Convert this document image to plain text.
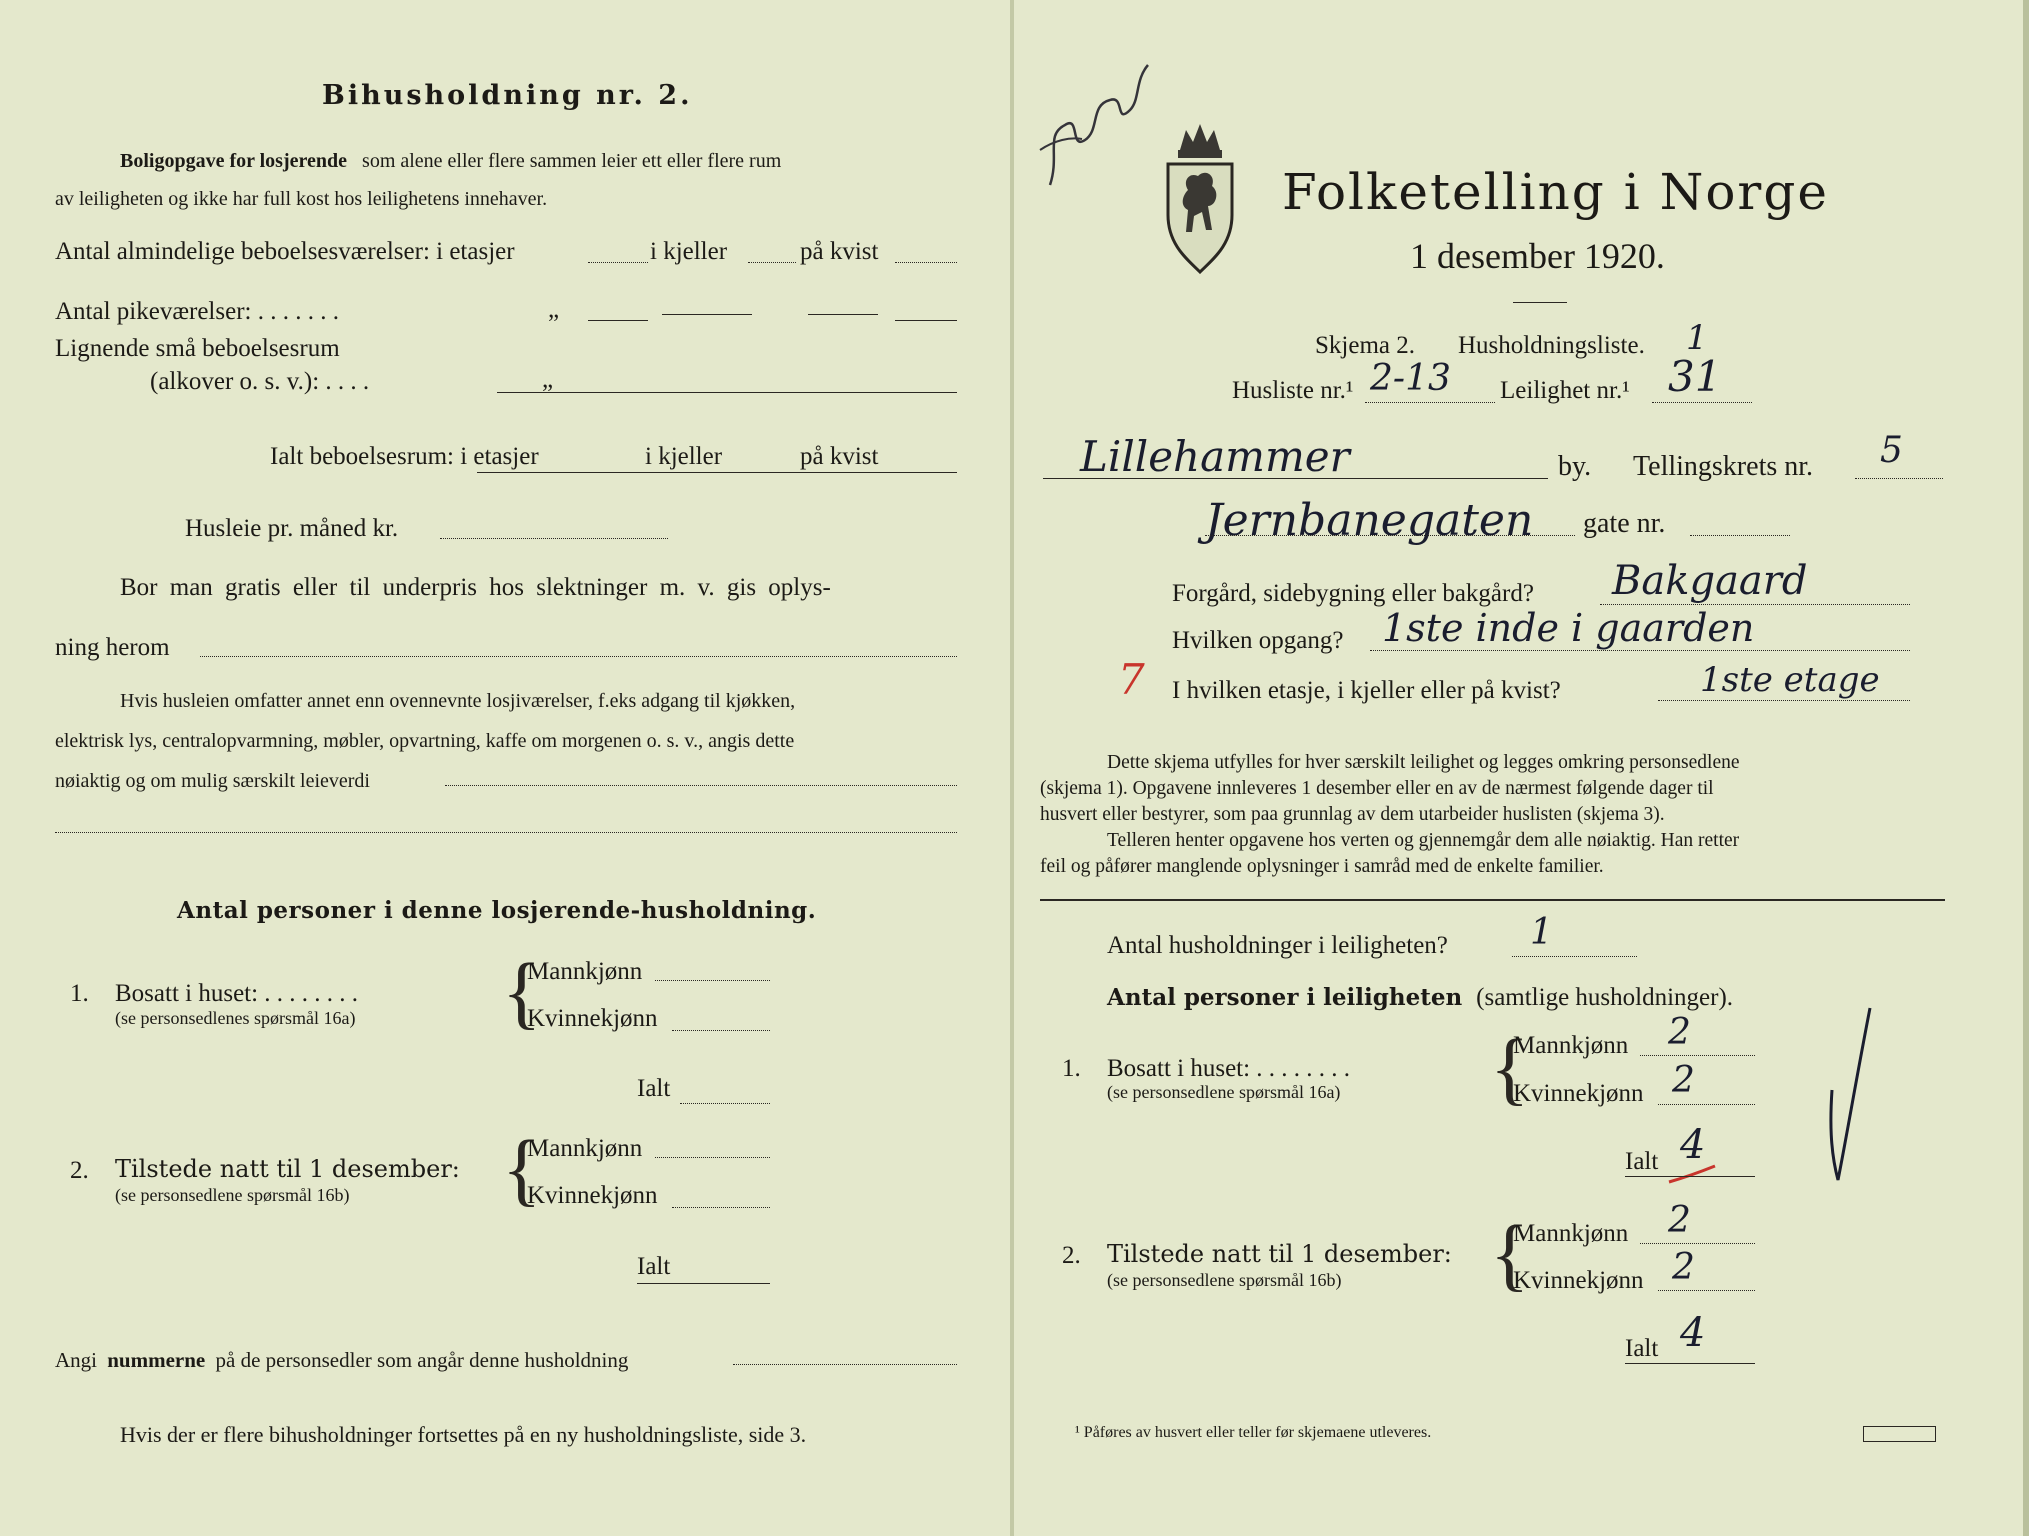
Bihusholdning nr. 2.
Boligopgave for losjerende som alene eller flere sammen leier ett eller flere rum
av leiligheten og ikke har full kost hos leilighetens innehaver.
Antal almindelige beboelsesværelser: i etasjer	i kjeller	på kvist
Antal pikeværelser: . . . . . . .	„
Lignende små beboelsesrum
(alkover o. s. v.): . . . .	„
Ialt beboelsesrum: i etasjer	i kjeller	på kvist
Husleie pr. måned kr.
Bor man gratis eller til underpris hos slektninger m. v. gis oplys-
ning herom
Hvis husleien omfatter annet enn ovennevnte losjiværelser, f.eks adgang til kjøkken,
elektrisk lys, centralopvarmning, møbler, opvartning, kaffe om morgenen o. s. v., angis dette
nøiaktig og om mulig særskilt leieverdi
Antal personer i denne losjerende-husholdning.
1. Bosatt i huset: . . . . . . . .
(se personsedlenes spørsmål 16a) {
Mannkjønn
Kvinnekjønn
Ialt
2. Tilstede natt til 1 desember:
(se personsedlene spørsmål 16b) {
Mannkjønn
Kvinnekjønn
Ialt
Angi nummerne på de personsedler som angår denne husholdning
Hvis der er flere bihusholdninger fortsettes på en ny husholdningsliste, side 3.
Folketelling i Norge
1 desember 1920.
Skjema 2. Husholdningsliste. 1
Husliste nr.¹ 2-13 Leilighet nr.¹ 31
Lillehammer	by. Tellingskrets nr. 5
Jernbanegaten gate nr.
Forgård, sidebygning eller bakgård? Bakgaard
Hvilken opgang? 1ste inde i gaarden
7 I hvilken etasje, i kjeller eller på kvist?	1ste etage
Dette skjema utfylles for hver særskilt leilighet og legges omkring personsedlene
(skjema 1). Opgavene innleveres 1 desember eller en av de nærmest følgende dager til
husvert eller bestyrer, som paa grunnlag av dem utarbeider huslisten (skjema 3).
Telleren henter opgavene hos verten og gjennemgår dem alle nøiaktig. Han retter
feil og påfører manglende oplysninger i samråd med de enkelte familier.
Antal husholdninger i leiligheten? 1
Antal personer i leiligheten (samtlige husholdninger).
1. Bosatt i huset: . . . . . . . .
(se personsedlene spørsmål 16a) {
Mannkjønn 2
Kvinnekjønn 2
Ialt 4
2. Tilstede natt til 1 desember:
(se personsedlene spørsmål 16b) {
Mannkjønn 2
Kvinnekjønn 2
Ialt 4
¹ Påføres av husvert eller teller før skjemaene utleveres.
